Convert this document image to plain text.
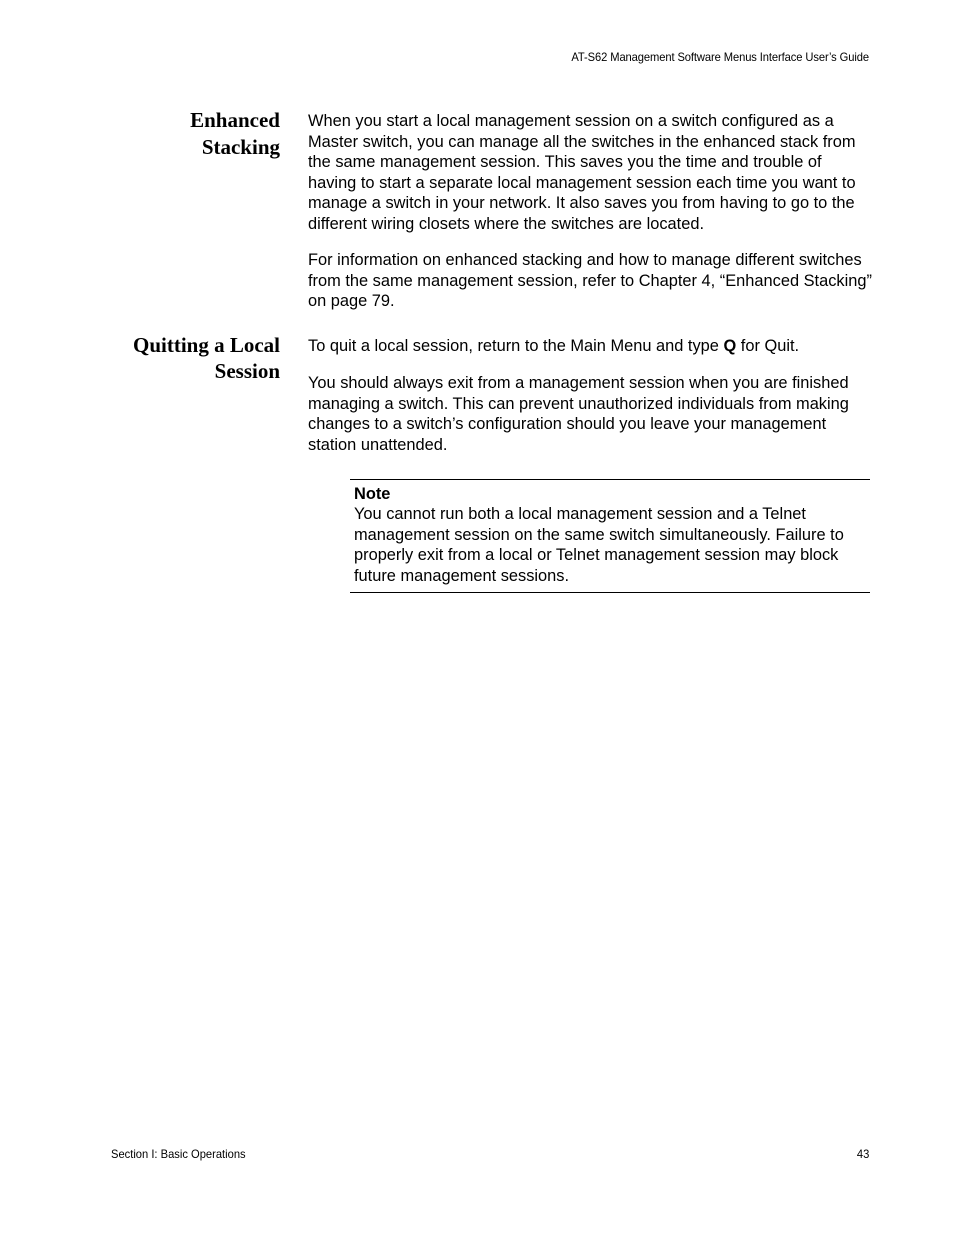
AT-S62 Management Software Menus Interface User’s Guide
Enhanced
Stacking

When you start a local management session on a switch configured as a Master switch, you can manage all the switches in the enhanced stack from the same management session. This saves you the time and trouble of having to start a separate local management session each time you want to manage a switch in your network. It also saves you from having to go to the different wiring closets where the switches are located.

For information on enhanced stacking and how to manage different switches from the same management session, refer to Chapter 4, “Enhanced Stacking” on page 79.

Quitting a Local
Session

To quit a local session, return to the Main Menu and type Q for Quit.

You should always exit from a management session when you are finished managing a switch. This can prevent unauthorized individuals from making changes to a switch’s configuration should you leave your management station unattended.

Note

You cannot run both a local management session and a Telnet management session on the same switch simultaneously. Failure to properly exit from a local or Telnet management session may block future management sessions.

Section I: Basic Operations	43
